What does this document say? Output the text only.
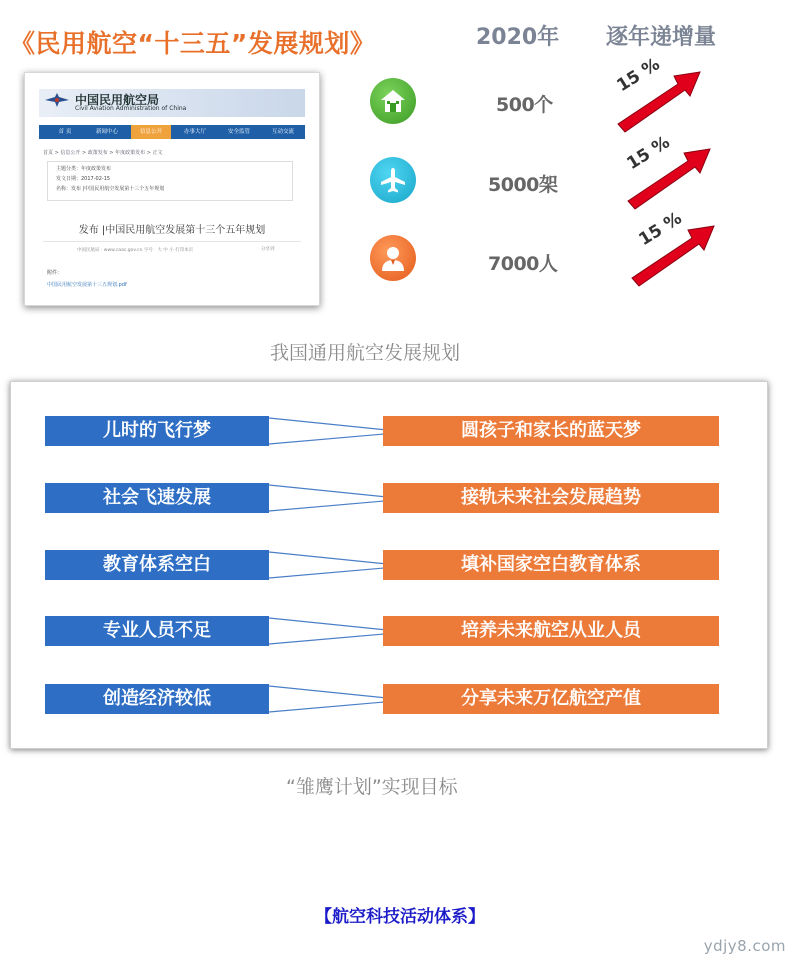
《民用航空“十三五”发展规划》	2020年 逐年递增量
中国民用航空局
Civil Aviation Administration of China
首 页	新闻中心	信息公开	办事大厅	安全监管	互动交流
首页 > 信息公开 > 政策发布 > 年度政策发布 > 正文
主题分类：年度政策发布
发文日期：2017-02-15
名称：发布 |中国民用航空发展第十三个五年规划
发布 |中国民用航空发展第十三个五年规划
中国民航局 · www.caac.gov.cn 字号：大 中 小 打印本页	分享到
附件：
中国民用航空发展第十三五规划.pdf
500个
5000架
7000人
15 %
15 %
15 %
我国通用航空发展规划
儿时的飞行梦	圆孩子和家长的蓝天梦
社会飞速发展	接轨未来社会发展趋势
教育体系空白	填补国家空白教育体系
专业人员不足	培养未来航空从业人员
创造经济较低	分享未来万亿航空产值
“雏鹰计划”实现目标
【航空科技活动体系】
ydjy8.com
